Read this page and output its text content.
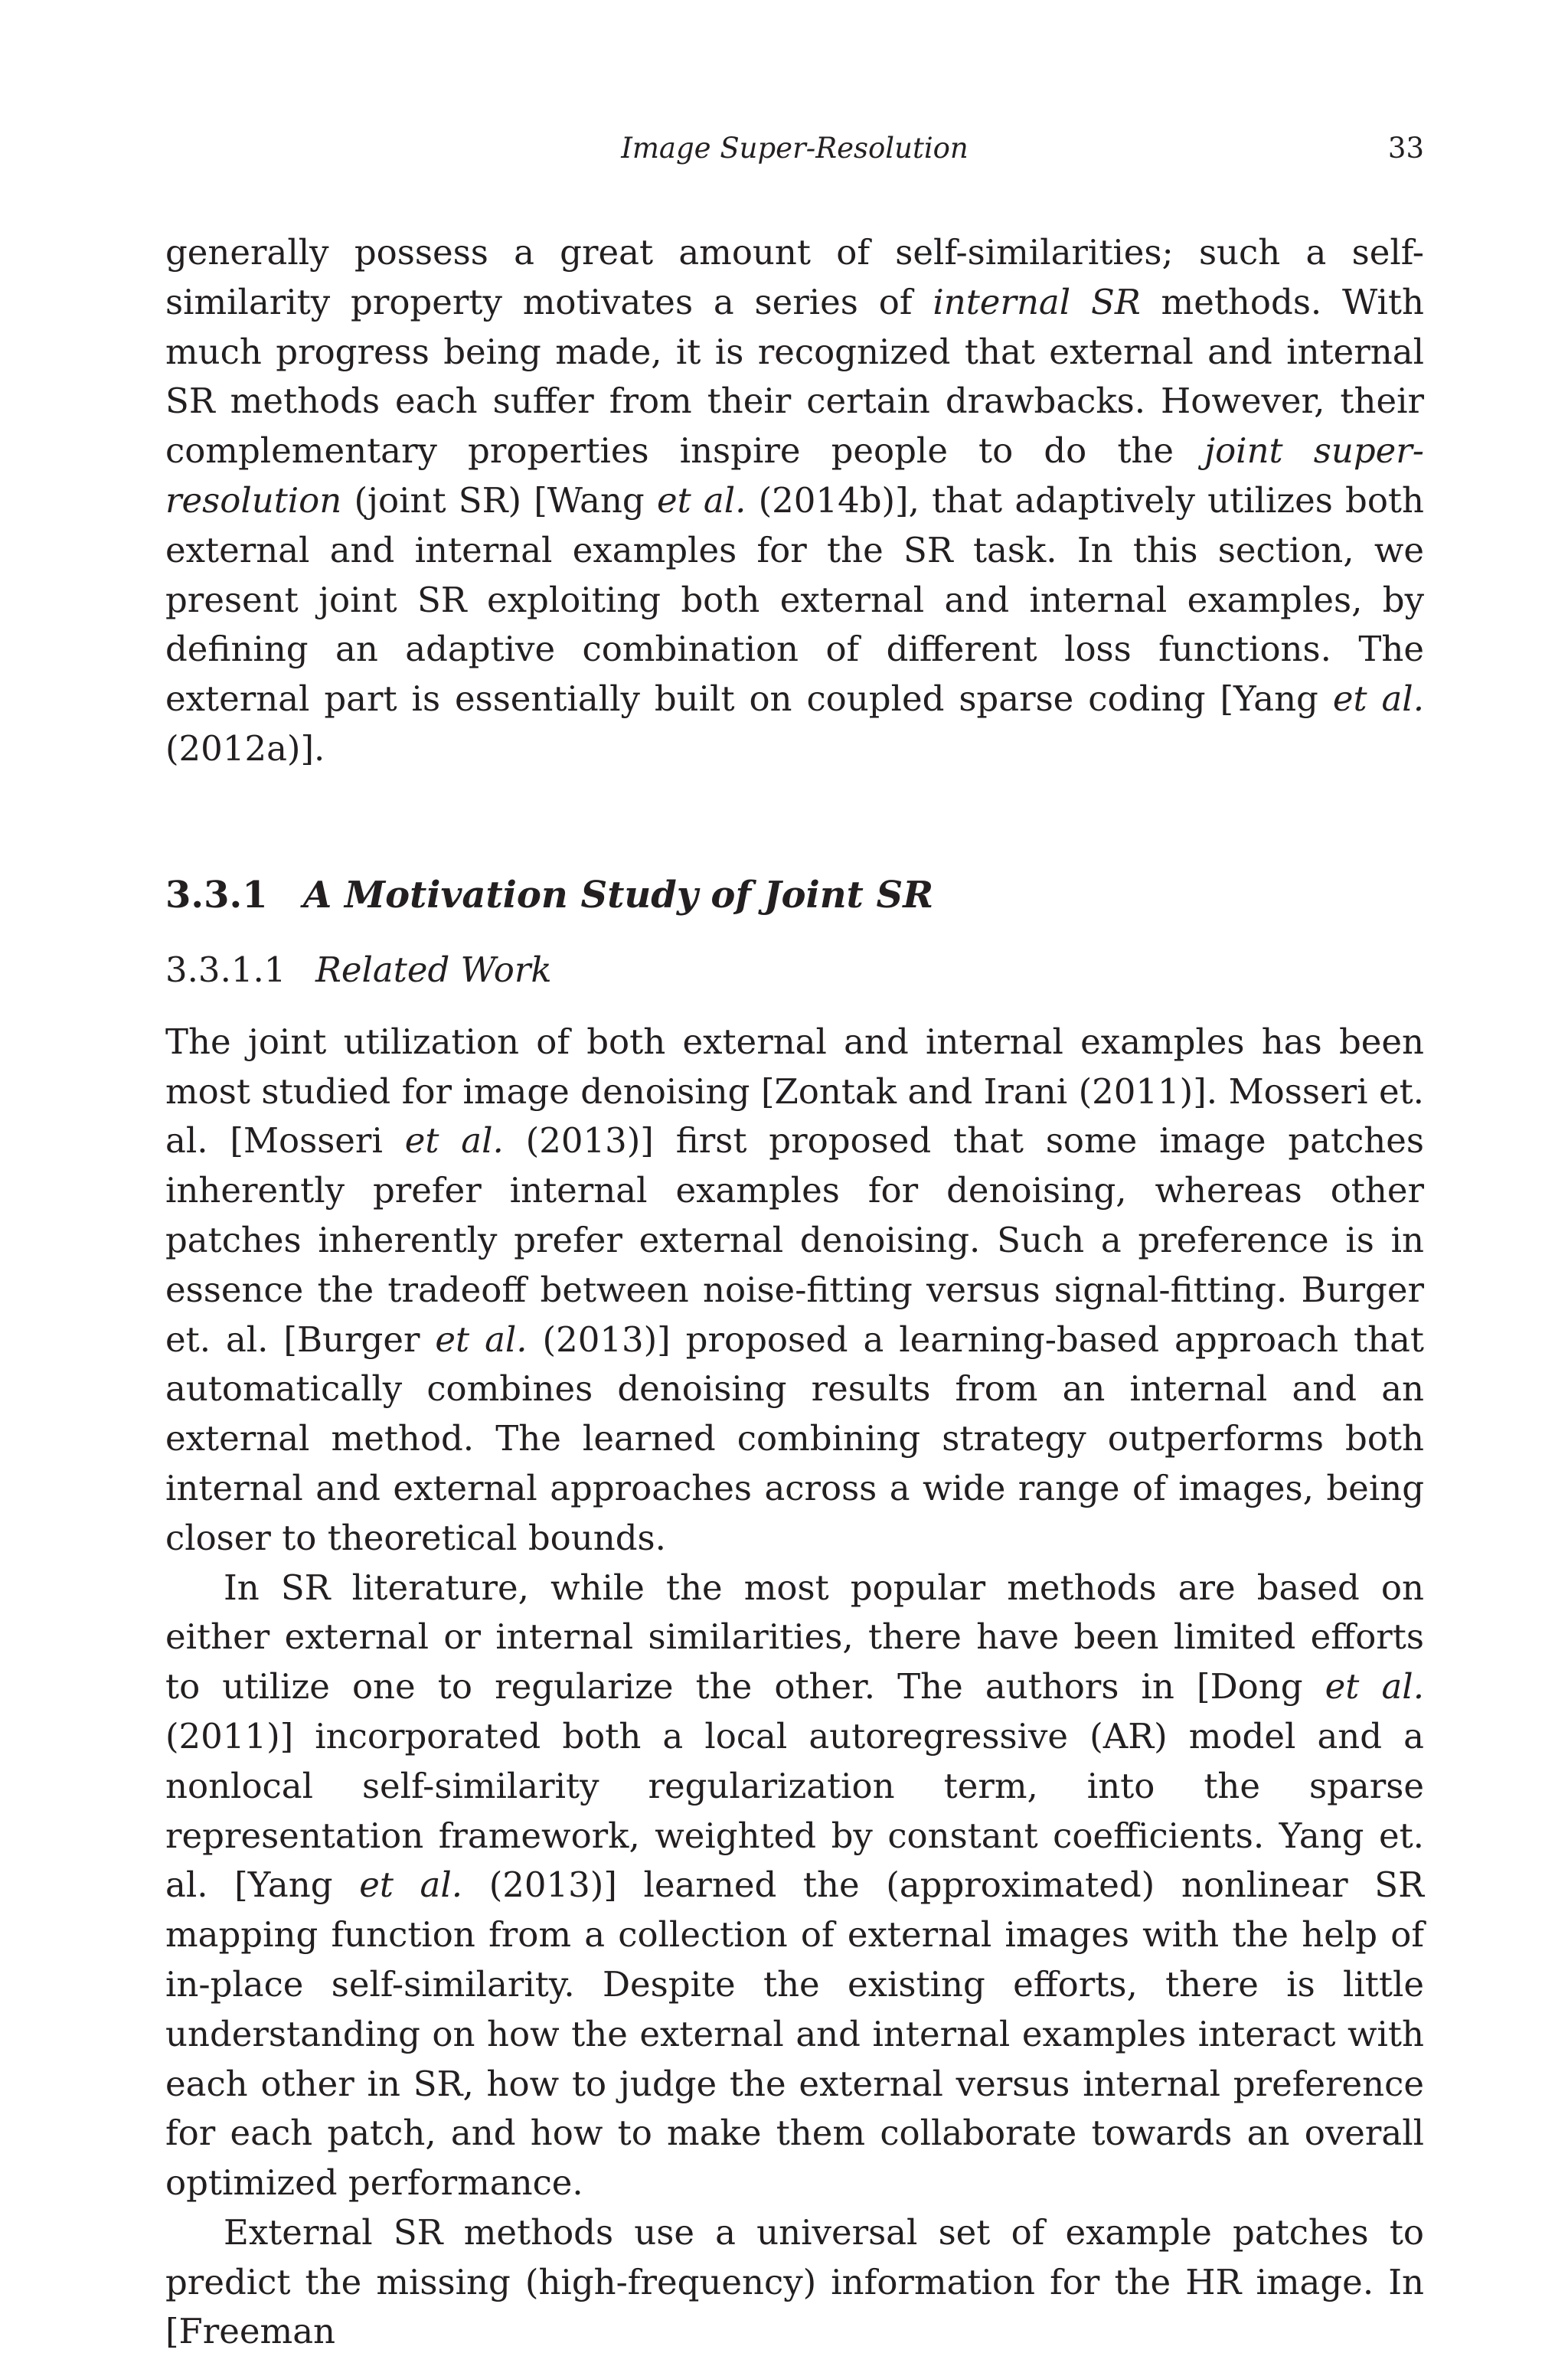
Image Super-Resolution	33

generally possess a great amount of self-similarities; such a self-similarity property motivates a series of internal SR methods. With much progress being made, it is recognized that external and internal SR methods each suffer from their certain drawbacks. However, their complementary properties inspire people to do the joint super-resolution (joint SR) [Wang et al. (2014b)], that adaptively utilizes both external and internal examples for the SR task. In this section, we present joint SR exploiting both external and internal examples, by defining an adaptive combination of different loss functions. The external part is essentially built on coupled sparse coding [Yang et al. (2012a)].

3.3.1 A Motivation Study of Joint SR
3.3.1.1 Related Work

The joint utilization of both external and internal examples has been most studied for image denoising [Zontak and Irani (2011)]. Mosseri et. al. [Mosseri et al. (2013)] first proposed that some image patches inherently prefer internal examples for denoising, whereas other patches inherently prefer external denoising. Such a preference is in essence the tradeoff between noise-fitting versus signal-fitting. Burger et. al. [Burger et al. (2013)] proposed a learning-based approach that automatically combines denoising results from an internal and an external method. The learned combining strategy outperforms both internal and external approaches across a wide range of images, being closer to theoretical bounds.

In SR literature, while the most popular methods are based on either external or internal similarities, there have been limited efforts to utilize one to regularize the other. The authors in [Dong et al. (2011)] incorporated both a local autoregressive (AR) model and a nonlocal self-similarity regularization term, into the sparse representation framework, weighted by constant coefficients. Yang et. al. [Yang et al. (2013)] learned the (approximated) nonlinear SR mapping function from a collection of external images with the help of in-place self-similarity. Despite the existing efforts, there is little understanding on how the external and internal examples interact with each other in SR, how to judge the external versus internal preference for each patch, and how to make them collaborate towards an overall optimized performance.

External SR methods use a universal set of example patches to predict the missing (high-frequency) information for the HR image. In [Freeman
